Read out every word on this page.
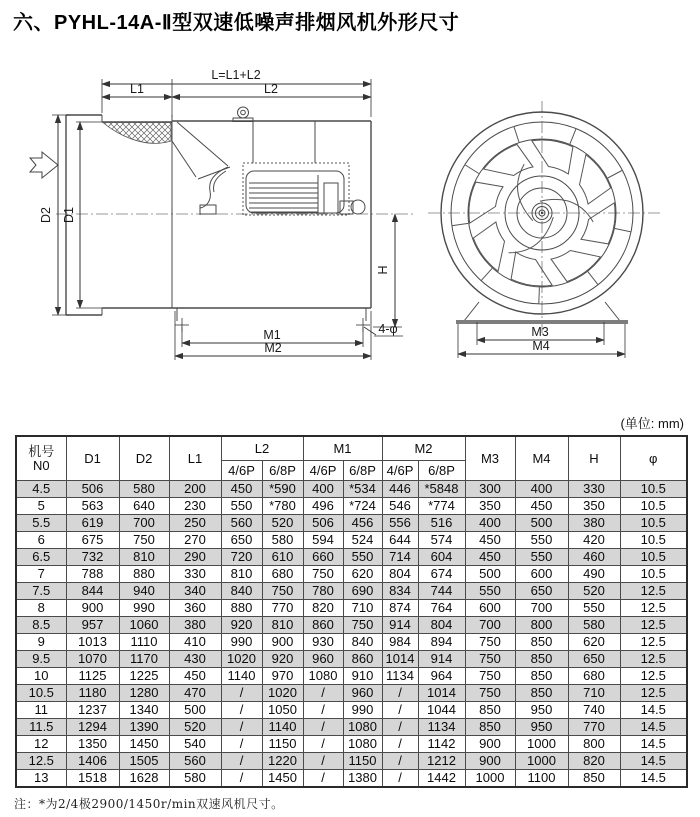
六、PYHL-14A-Ⅱ型双速低噪声排烟风机外形尺寸
L=L1+L2
L1	L2
D2 D1
H
M1
M2
4-φ	M3
M4
(单位: mm)
机号
N0	D1	D2	L1	L2		M1		M2		M3	M4	H	φ
				4/6P	6/8P	4/6P	6/8P	4/6P	6/8P				
4.5	506	580	200	450	*590	400	*534	446	*5848	300	400	330	10.5
5	563	640	230	550	*780	496	*724	546	*774	350	450	350	10.5
5.5	619	700	250	560	520	506	456	556	516	400	500	380	10.5
6	675	750	270	650	580	594	524	644	574	450	550	420	10.5
6.5	732	810	290	720	610	660	550	714	604	450	550	460	10.5
7	788	880	330	810	680	750	620	804	674	500	600	490	10.5
7.5	844	940	340	840	750	780	690	834	744	550	650	520	12.5
8	900	990	360	880	770	820	710	874	764	600	700	550	12.5
8.5	957	1060	380	920	810	860	750	914	804	700	800	580	12.5
9	1013	1110	410	990	900	930	840	984	894	750	850	620	12.5
9.5	1070	1170	430	1020	920	960	860	1014	914	750	850	650	12.5
10	1125	1225	450	1140	970	1080	910	1134	964	750	850	680	12.5
10.5	1180	1280	470	/	1020	/	960	/	1014	750	850	710	12.5
11	1237	1340	500	/	1050	/	990	/	1044	850	950	740	14.5
11.5	1294	1390	520	/	1140	/	1080	/	1134	850	950	770	14.5
12	1350	1450	540	/	1150	/	1080	/	1142	900	1000	800	14.5
12.5	1406	1505	560	/	1220	/	1150	/	1212	900	1000	820	14.5
13	1518	1628	580	/	1450	/	1380	/	1442	1000	1100	850	14.5
注：*为2/4极2900/1450r/min双速风机尺寸。
